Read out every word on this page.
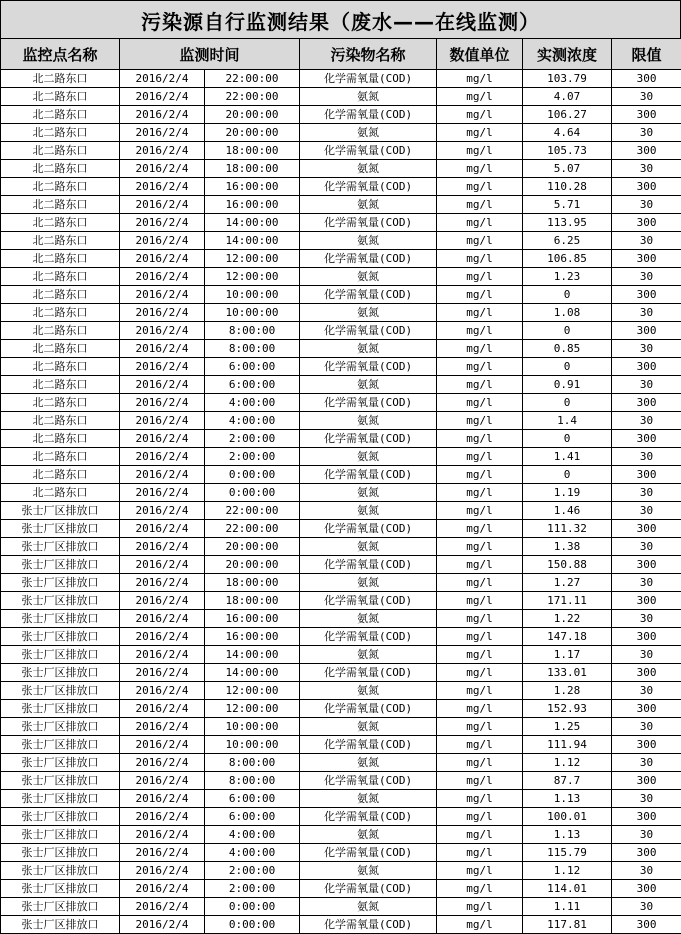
污染源自行监测结果（废水——在线监测）
监控点名称	监测时间		污染物名称	数值单位	实测浓度	限值
北二路东口	2016/2/4	22:00:00	化学需氧量(COD)	mg/l	103.79	300
北二路东口	2016/2/4	22:00:00	氨氮	mg/l	4.07	30
北二路东口	2016/2/4	20:00:00	化学需氧量(COD)	mg/l	106.27	300
北二路东口	2016/2/4	20:00:00	氨氮	mg/l	4.64	30
北二路东口	2016/2/4	18:00:00	化学需氧量(COD)	mg/l	105.73	300
北二路东口	2016/2/4	18:00:00	氨氮	mg/l	5.07	30
北二路东口	2016/2/4	16:00:00	化学需氧量(COD)	mg/l	110.28	300
北二路东口	2016/2/4	16:00:00	氨氮	mg/l	5.71	30
北二路东口	2016/2/4	14:00:00	化学需氧量(COD)	mg/l	113.95	300
北二路东口	2016/2/4	14:00:00	氨氮	mg/l	6.25	30
北二路东口	2016/2/4	12:00:00	化学需氧量(COD)	mg/l	106.85	300
北二路东口	2016/2/4	12:00:00	氨氮	mg/l	1.23	30
北二路东口	2016/2/4	10:00:00	化学需氧量(COD)	mg/l	0	300
北二路东口	2016/2/4	10:00:00	氨氮	mg/l	1.08	30
北二路东口	2016/2/4	8:00:00	化学需氧量(COD)	mg/l	0	300
北二路东口	2016/2/4	8:00:00	氨氮	mg/l	0.85	30
北二路东口	2016/2/4	6:00:00	化学需氧量(COD)	mg/l	0	300
北二路东口	2016/2/4	6:00:00	氨氮	mg/l	0.91	30
北二路东口	2016/2/4	4:00:00	化学需氧量(COD)	mg/l	0	300
北二路东口	2016/2/4	4:00:00	氨氮	mg/l	1.4	30
北二路东口	2016/2/4	2:00:00	化学需氧量(COD)	mg/l	0	300
北二路东口	2016/2/4	2:00:00	氨氮	mg/l	1.41	30
北二路东口	2016/2/4	0:00:00	化学需氧量(COD)	mg/l	0	300
北二路东口	2016/2/4	0:00:00	氨氮	mg/l	1.19	30
张士厂区排放口	2016/2/4	22:00:00	氨氮	mg/l	1.46	30
张士厂区排放口	2016/2/4	22:00:00	化学需氧量(COD)	mg/l	111.32	300
张士厂区排放口	2016/2/4	20:00:00	氨氮	mg/l	1.38	30
张士厂区排放口	2016/2/4	20:00:00	化学需氧量(COD)	mg/l	150.88	300
张士厂区排放口	2016/2/4	18:00:00	氨氮	mg/l	1.27	30
张士厂区排放口	2016/2/4	18:00:00	化学需氧量(COD)	mg/l	171.11	300
张士厂区排放口	2016/2/4	16:00:00	氨氮	mg/l	1.22	30
张士厂区排放口	2016/2/4	16:00:00	化学需氧量(COD)	mg/l	147.18	300
张士厂区排放口	2016/2/4	14:00:00	氨氮	mg/l	1.17	30
张士厂区排放口	2016/2/4	14:00:00	化学需氧量(COD)	mg/l	133.01	300
张士厂区排放口	2016/2/4	12:00:00	氨氮	mg/l	1.28	30
张士厂区排放口	2016/2/4	12:00:00	化学需氧量(COD)	mg/l	152.93	300
张士厂区排放口	2016/2/4	10:00:00	氨氮	mg/l	1.25	30
张士厂区排放口	2016/2/4	10:00:00	化学需氧量(COD)	mg/l	111.94	300
张士厂区排放口	2016/2/4	8:00:00	氨氮	mg/l	1.12	30
张士厂区排放口	2016/2/4	8:00:00	化学需氧量(COD)	mg/l	87.7	300
张士厂区排放口	2016/2/4	6:00:00	氨氮	mg/l	1.13	30
张士厂区排放口	2016/2/4	6:00:00	化学需氧量(COD)	mg/l	100.01	300
张士厂区排放口	2016/2/4	4:00:00	氨氮	mg/l	1.13	30
张士厂区排放口	2016/2/4	4:00:00	化学需氧量(COD)	mg/l	115.79	300
张士厂区排放口	2016/2/4	2:00:00	氨氮	mg/l	1.12	30
张士厂区排放口	2016/2/4	2:00:00	化学需氧量(COD)	mg/l	114.01	300
张士厂区排放口	2016/2/4	0:00:00	氨氮	mg/l	1.11	30
张士厂区排放口	2016/2/4	0:00:00	化学需氧量(COD)	mg/l	117.81	300
